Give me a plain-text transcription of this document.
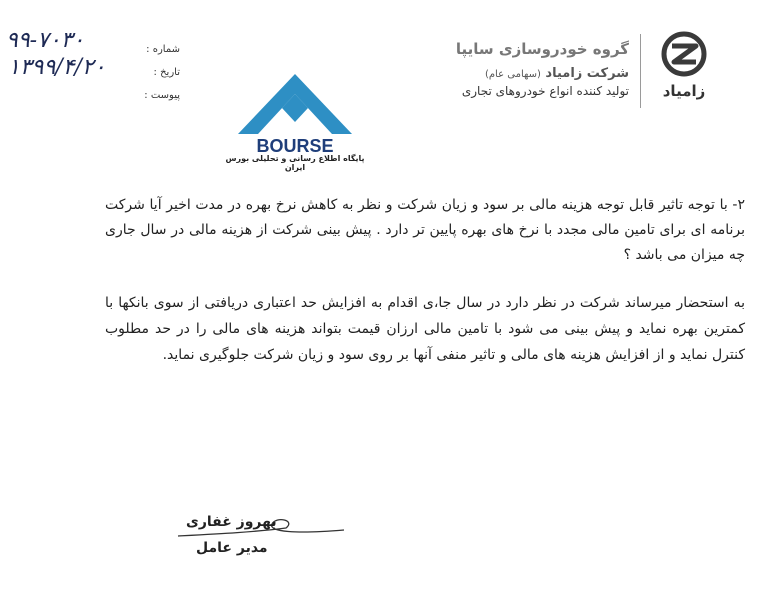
زامیاد
گروه خودروسازی سایپا
شرکت زامیاد (سهامی عام)
تولید کننده انواع خودروهای تجاری
شماره :
تاریخ :
پیوست :
۹۹-۷۰۳۰
۱۳۹۹/۴/۲۰
BOURSE
پایگاه اطلاع رسانی و تحلیلی بورس ایران
۲- با توجه تاثیر قابل توجه هزینه مالی بر سود و زیان شرکت و نظر به کاهش نرخ بهره در مدت اخیر آیا شرکت برنامه ای برای تامین مالی مجدد با نرخ های بهره پایین تر دارد . پیش بینی شرکت از هزینه مالی در سال جاری چه میزان می باشد ؟
به استحضار میرساند شرکت در نظر دارد در سال جا،ی اقدام به افزایش حد اعتباری دریافتی از سوی بانکها با کمترین بهره نماید و پیش بینی می شود با تامین مالی ارزان قیمت بتواند هزینه های مالی را در حد مطلوب کنترل نماید و از افزایش هزینه های مالی و تاثیر منفی آنها بر روی سود و زیان شرکت جلوگیری نماید.
بهروز غفاری
مدیر عامل
